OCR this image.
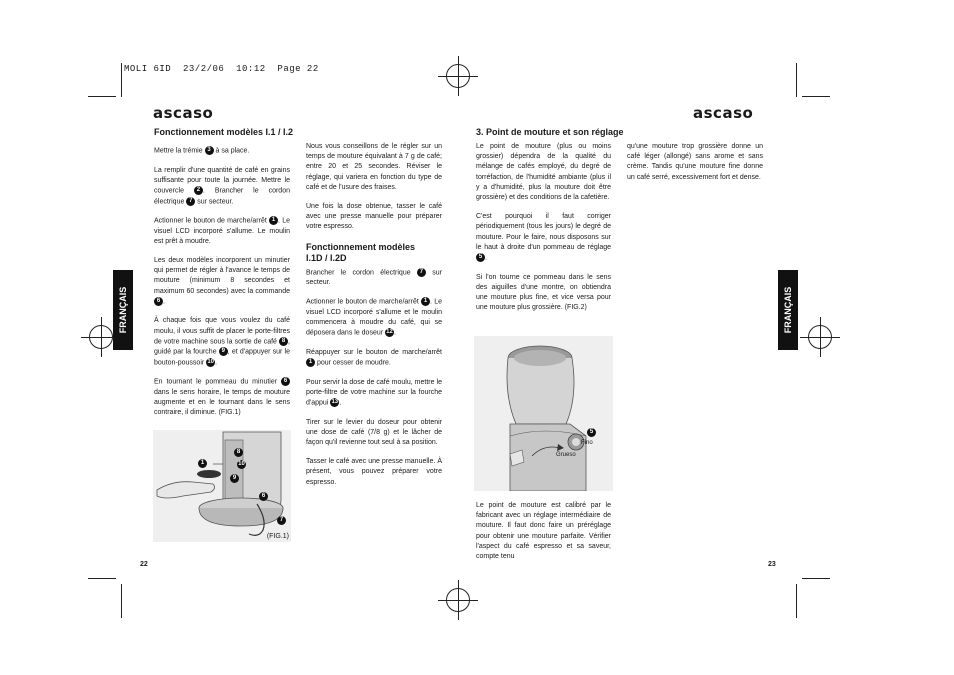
MOLI 6ID  23/2/06  10:12  Page 22
ascaso
Fonctionnement modèles I.1 / I.2
FRANÇAIS

Mettre la trémie 3 à sa place.

La remplir d'une quantité de café en grains suffisante pour toute la journée. Mettre le couvercle 2 . Brancher le cordon électrique 7 sur secteur.

Actionner le bouton de marche/arrêt 1 . Le visuel LCD incorporé s'allume. Le moulin est prêt à moudre.

Les deux modèles incorporent un minutier qui permet de régler à l'avance le temps de mouture (minimum 8 secondes et maximum 60 secondes) avec la commande 6 .

À chaque fois que vous voulez du café moulu, il vous suffit de placer le porte-filtres de votre machine sous la sortie de café 8 , guidé par la fourche 9 , et d'appuyer sur le bouton-poussoir 10.

En tournant le pommeau du minutier 6 dans le sens horaire, le temps de mouture augmente et en le tournant dans le sens contraire, il diminue. (FIG.1)

1
8
10
9
6
7
(FIG.1)

Nous vous conseillons de le régler sur un temps de mouture équivalant à 7 g de café; entre 20 et 25 secondes. Réviser le réglage, qui variera en fonction du type de café et de l'usure des fraises.

Une fois la dose obtenue, tasser le café avec une presse manuelle pour préparer votre espresso.

Fonctionnement modèles
I.1D / I.2D

Brancher le cordon électrique 7 sur secteur.

Actionner le bouton de marche/arrêt 1 . Le visuel LCD incorporé s'allume et le moulin commencera à moudre du café, qui se déposera dans le doseur 12.

Réappuyer sur le bouton de marche/arrêt 1 pour cesser de moudre.

Pour servir la dose de café moulu, mettre le porte-filtre de votre machine sur la fourche d'appui 13.

Tirer sur le levier du doseur pour obtenir une dose de café (7/8 g) et le lâcher de façon qu'il revienne tout seul à sa position.

Tasser le café avec une presse manuelle. À présent, vous pouvez préparer votre espresso.

22
ascaso
3. Point de mouture et son réglage
FRANÇAIS

Le point de mouture (plus ou moins grossier) dépendra de la qualité du mélange de cafés employé, du degré de torréfaction, de l'humidité ambiante (plus il y a d'humidité, plus la mouture doit être grossière) et des conditions de la cafetière.

C'est pourquoi il faut corriger périodiquement (tous les jours) le degré de mouture. Pour le faire, nous disposons sur le haut à droite d'un pommeau de réglage 5 .

Si l'on tourne ce pommeau dans le sens des aiguilles d'une montre, on obtiendra une mouture plus fine, et vice versa pour une mouture plus grossière. (FIG.2)

5
Fino
Grueso

Le point de mouture est calibré par le fabricant avec un réglage intermédiaire de mouture. Il faut donc faire un préréglage pour obtenir une mouture parfaite. Vérifier l'aspect du café espresso et sa saveur, compte tenu

qu'une mouture trop grossière donne un café léger (allongé) sans arome et sans crème. Tandis qu'une mouture fine donne un café serré, excessivement fort et dense.

23
